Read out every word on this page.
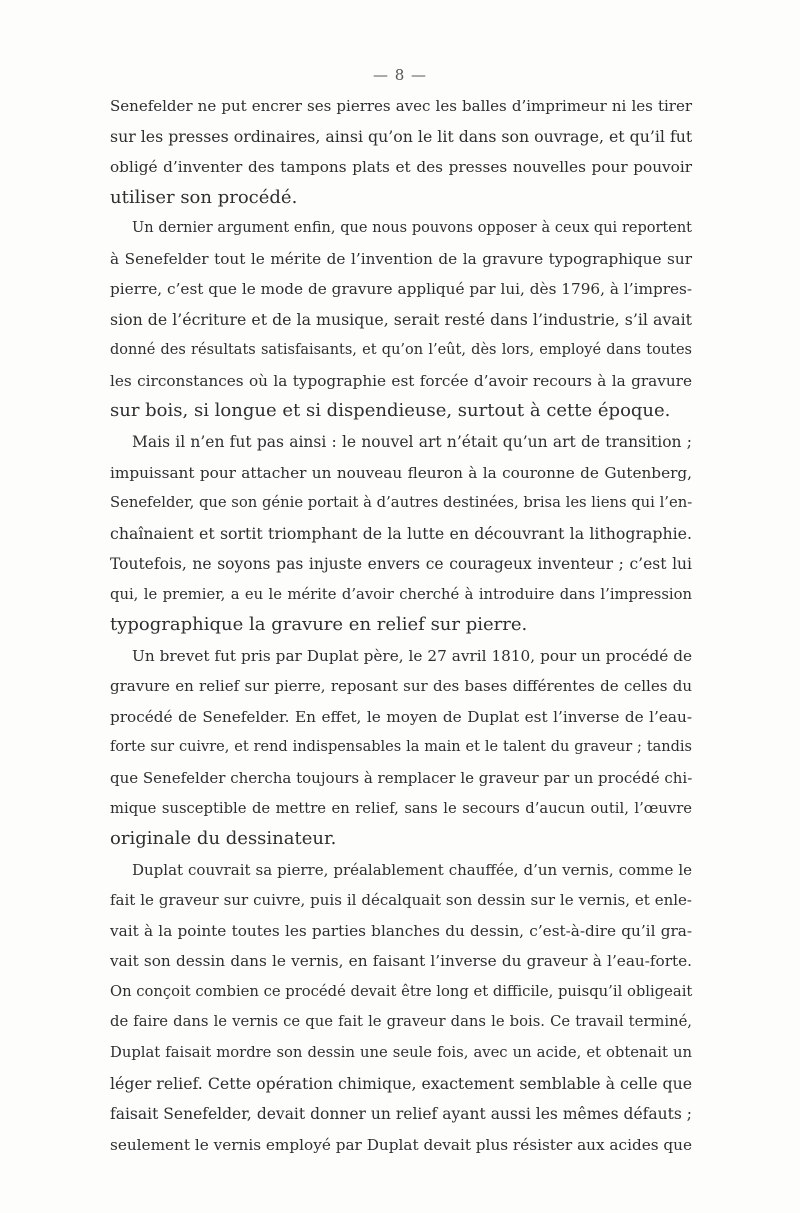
— 8 —
Senefelder ne put encrer ses pierres avec les balles d’imprimeur ni les tirer
sur les presses ordinaires, ainsi qu’on le lit dans son ouvrage, et qu’il fut
obligé d’inventer des tampons plats et des presses nouvelles pour pouvoir
utiliser son procédé.
Un dernier argument enfin, que nous pouvons opposer à ceux qui reportent
à Senefelder tout le mérite de l’invention de la gravure typographique sur
pierre, c’est que le mode de gravure appliqué par lui, dès 1796, à l’impres-
sion de l’écriture et de la musique, serait resté dans l’industrie, s’il avait
donné des résultats satisfaisants, et qu’on l’eût, dès lors, employé dans toutes
les circonstances où la typographie est forcée d’avoir recours à la gravure
sur bois, si longue et si dispendieuse, surtout à cette époque.
Mais il n’en fut pas ainsi : le nouvel art n’était qu’un art de transition ;
impuissant pour attacher un nouveau fleuron à la couronne de Gutenberg,
Senefelder, que son génie portait à d’autres destinées, brisa les liens qui l’en-
chaînaient et sortit triomphant de la lutte en découvrant la lithographie.
Toutefois, ne soyons pas injuste envers ce courageux inventeur ; c’est lui
qui, le premier, a eu le mérite d’avoir cherché à introduire dans l’impression
typographique la gravure en relief sur pierre.
Un brevet fut pris par Duplat père, le 27 avril 1810, pour un procédé de
gravure en relief sur pierre, reposant sur des bases différentes de celles du
procédé de Senefelder. En effet, le moyen de Duplat est l’inverse de l’eau-
forte sur cuivre, et rend indispensables la main et le talent du graveur ; tandis
que Senefelder chercha toujours à remplacer le graveur par un procédé chi-
mique susceptible de mettre en relief, sans le secours d’aucun outil, l’œuvre
originale du dessinateur.
Duplat couvrait sa pierre, préalablement chauffée, d’un vernis, comme le
fait le graveur sur cuivre, puis il décalquait son dessin sur le vernis, et enle-
vait à la pointe toutes les parties blanches du dessin, c’est-à-dire qu’il gra-
vait son dessin dans le vernis, en faisant l’inverse du graveur à l’eau-forte.
On conçoit combien ce procédé devait être long et difficile, puisqu’il obligeait
de faire dans le vernis ce que fait le graveur dans le bois. Ce travail terminé,
Duplat faisait mordre son dessin une seule fois, avec un acide, et obtenait un
léger relief. Cette opération chimique, exactement semblable à celle que
faisait Senefelder, devait donner un relief ayant aussi les mêmes défauts ;
seulement le vernis employé par Duplat devait plus résister aux acides que
